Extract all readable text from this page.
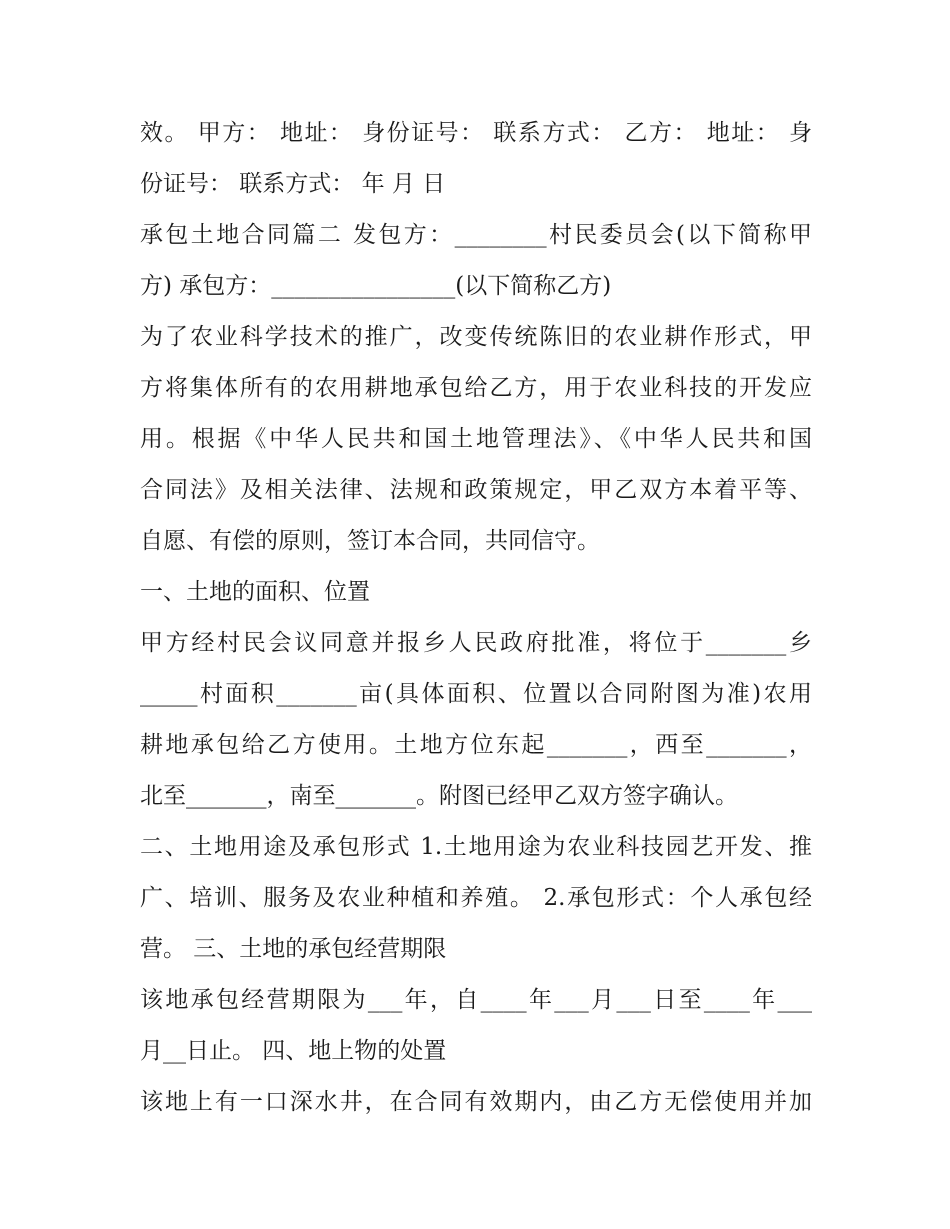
效。 甲方： 地址： 身份证号： 联系方式： 乙方： 地址： 身
份证号： 联系方式： 年 月 日
承包土地合同篇二 发包方：________村民委员会(以下简称甲
方) 承包方：________________(以下简称乙方)
为了农业科学技术的推广，改变传统陈旧的农业耕作形式，甲
方将集体所有的农用耕地承包给乙方，用于农业科技的开发应
用。根据《中华人民共和国土地管理法》、《中华人民共和国
合同法》及相关法律、法规和政策规定，甲乙双方本着平等、
自愿、有偿的原则，签订本合同，共同信守。
一、土地的面积、位置
甲方经村民会议同意并报乡人民政府批准，将位于_______乡
_____村面积_______亩(具体面积、位置以合同附图为准)农用
耕地承包给乙方使用。土地方位东起_______，西至_______，
北至_______，南至_______。附图已经甲乙双方签字确认。
二、土地用途及承包形式 1.土地用途为农业科技园艺开发、推
广、培训、服务及农业种植和养殖。 2.承包形式：个人承包经
营。 三、土地的承包经营期限
该地承包经营期限为___年，自____年___月___日至____年___
月__日止。 四、地上物的处置
该地上有一口深水井，在合同有效期内，由乙方无偿使用并加
